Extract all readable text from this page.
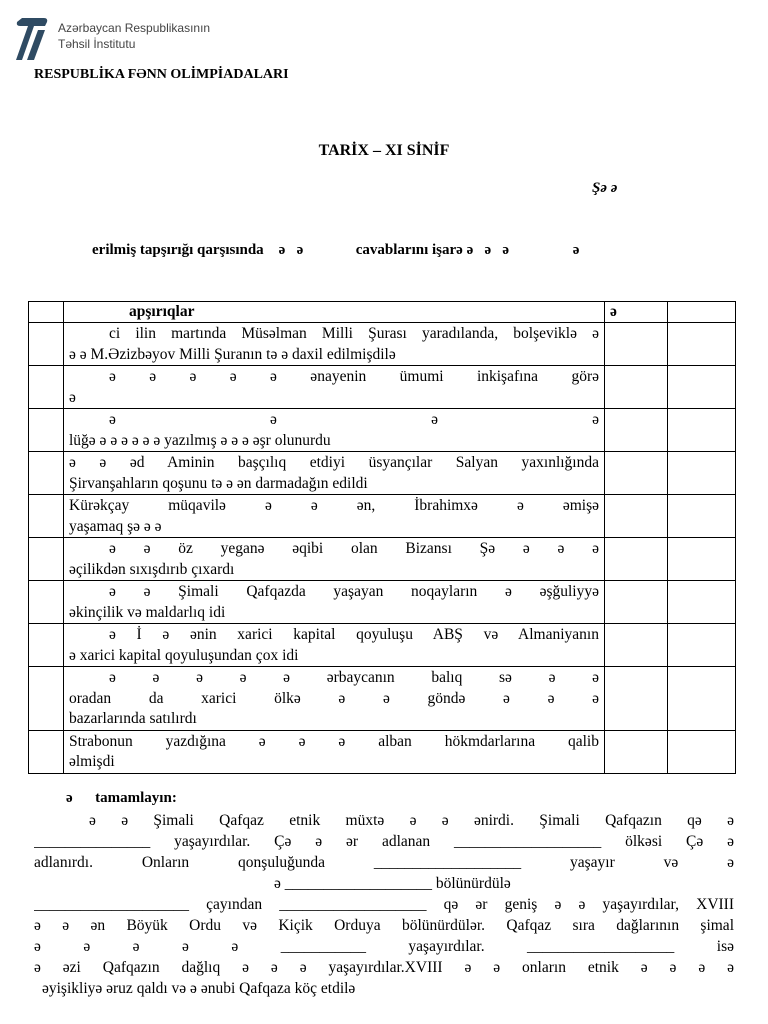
Azərbaycan Respublikasının
Təhsil İnstitutu
RESPUBLİKA FƏNN OLİMPİADALARI
TARİX – XI SİNİF
Şə ə
erilmiş tapşırığı qarşısında    ə   ə              cavablarını işarə ə   ə   ə                 ə
	apşırıqlar	ə	

	ci ilin martında Müsəlman Milli Şurası yaradılanda, bolşeviklə ə
ə ə M.Əzizbəyov Milli Şuranın tə ə daxil edilmişdilə		

	ə ə ə ə ə ənayenin ümumi inkişafına görə
ə		

	ə ə ə ə
lüğə ə ə ə ə ə ə yazılmış ə ə ə əşr olunurdu		

	ə ə əd Aminin başçılıq etdiyi üsyançılar Salyan yaxınlığında
Şirvanşahların qoşunu tə ə ən darmadağın edildi		

	Kürəkçay müqavilə ə ə ən, İbrahimxə ə əmişə
yaşamaq şə ə ə		

	ə ə öz yeganə əqibi olan Bizansı Şə ə ə ə
əçilikdən sıxışdırıb çıxardı		

	ə ə Şimali Qafqazda yaşayan noqayların ə əşğuliyyə
əkinçilik və maldarlıq idi		

	ə İ ə ənin xarici kapital qoyuluşu ABŞ və Almaniyanın
ə xarici kapital qoyuluşundan çox idi		

	ə ə ə ə ə ərbaycanın balıq sə ə ə
oradan da xarici ölkə ə ə göndə ə ə ə
bazarlarında satılırdı		

	Strabonun yazdığına ə ə ə alban hökmdarlarına qalib
əlmişdi		

ə      tamamlayın:
ə ə Şimali Qafqaz etnik müxtə ə ə ənirdi. Şimali Qafqazın qə ə
_______________ yaşayırdılar. Çə ə ər adlanan ___________________ ölkəsi Çə ə
adlanırdı. Onların qonşuluğunda ___________________ yaşayır və ə
ə ___________________ bölünürdülə
____________________ çayından ___________________ qə ər geniş ə ə yaşayırdılar, XVIII
ə ə ən Böyük Ordu və Kiçik Orduya bölünürdülər. Qafqaz sıra dağlarının şimal
ə ə ə ə ə ___________ yaşayırdılar. ___________________ isə
ə əzi Qafqazın dağlıq ə ə ə yaşayırdılar.XVIII ə ə onların etnik ə ə ə ə
əyişikliyə əruz qaldı və ə ənubi Qafqaza köç etdilə
